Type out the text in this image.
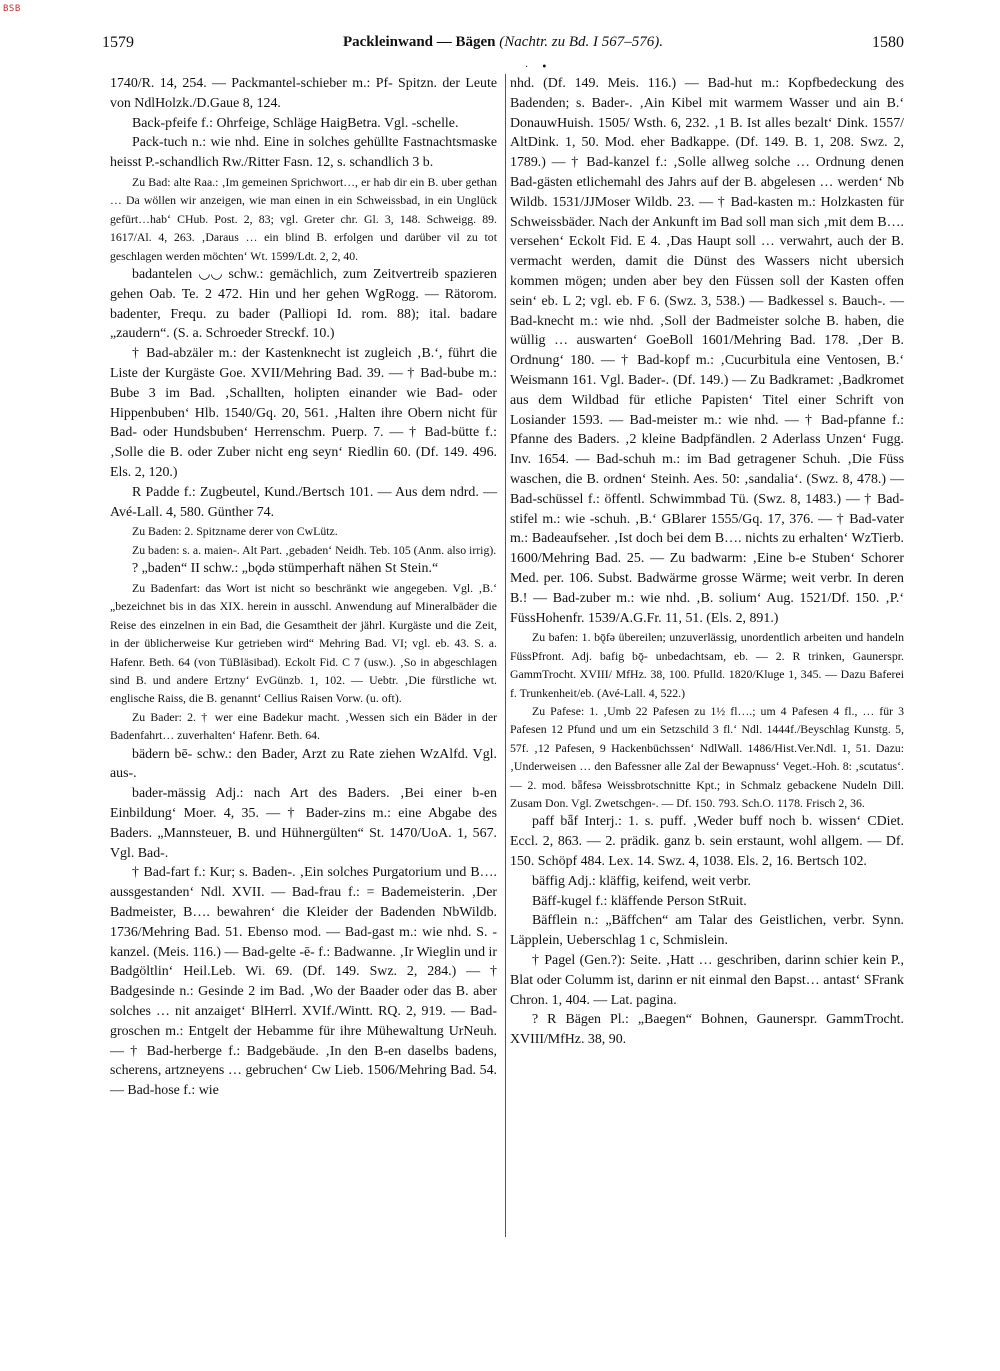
BSB
1579	Packleinwand — Bägen (Nachtr. zu Bd. I 567–576).	1580
· •

1740/R. 14, 254. — Packmantel-schieber m.: Pf- Spitzn. der Leute von NdlHolzk./D.Gaue 8, 124.

Back-pfeife f.: Ohrfeige, Schläge HaigBetra. Vgl. -schelle.

Pack-tuch n.: wie nhd. Eine in solches gehüllte Fastnachtsmaske heisst P.-schandlich Rw./Ritter Fasn. 12, s. schandlich 3 b.

Zu Bad: alte Raa.: ‚Im gemeinen Sprichwort…, er hab dir ein B. uber gethan … Da wöllen wir anzeigen, wie man einen in ein Schweissbad, in ein Unglück gefürt…hab‘ CHub. Post. 2, 83; vgl. Greter chr. Gl. 3, 148. Schweigg. 89. 1617/Al. 4, 263. ‚Daraus … ein blind B. erfolgen und darüber vil zu tot geschlagen werden möchten‘ Wt. 1599/Ldt. 2, 2, 40.

badantelen ◡◡ schw.: gemächlich, zum Zeitvertreib spazieren gehen Oab. Te. 2 472. Hin und her gehen WgRogg. — Rätorom. badenter, Frequ. zu bader (Palliopi Id. rom. 88); ital. badare „zaudern“. (S. a. Schroeder Streckf. 10.)

† Bad-abzäler m.: der Kastenknecht ist zugleich ‚B.‘, führt die Liste der Kurgäste Goe. XVII/Mehring Bad. 39. — † Bad-bube m.: Bube 3 im Bad. ‚Schallten, holipten einander wie Bad- oder Hippenbuben‘ Hlb. 1540/Gq. 20, 561. ‚Halten ihre Obern nicht für Bad- oder Hundsbuben‘ Herrenschm. Puerp. 7. — † Bad-bütte f.: ‚Solle die B. oder Zuber nicht eng seyn‘ Riedlin 60. (Df. 149. 496. Els. 2, 120.)

R Padde f.: Zugbeutel, Kund./Bertsch 101. — Aus dem ndrd. — Avé-Lall. 4, 580. Günther 74.

Zu Baden: 2. Spitzname derer von CwLütz.

Zu baden: s. a. maien-. Alt Part. ‚gebaden‘ Neidh. Teb. 105 (Anm. also irrig).

? „baden“ II schw.: „bǫdə stümperhaft nähen St Stein.“

Zu Badenfart: das Wort ist nicht so beschränkt wie angegeben. Vgl. ‚B.‘ „bezeichnet bis in das XIX. herein in ausschl. Anwendung auf Mineralbäder die Reise des einzelnen in ein Bad, die Gesamtheit der jährl. Kurgäste und die Zeit, in der üblicherweise Kur getrieben wird“ Mehring Bad. VI; vgl. eb. 43. S. a. Hafenr. Beth. 64 (von TüBläsibad). Eckolt Fid. C 7 (usw.). ‚So in abgeschlagen sind B. und andere Ertzny‘ EvGünzb. 1, 102. — Uebtr. ‚Die fürstliche wt. englische Raiss, die B. genannt‘ Cellius Raisen Vorw. (u. oft).

Zu Bader: 2. † wer eine Badekur macht. ‚Wessen sich ein Bäder in der Badenfahrt… zuverhalten‘ Hafenr. Beth. 64.

bädern bē- schw.: den Bader, Arzt zu Rate ziehen WzAlfd. Vgl. aus-.

bader-mässig Adj.: nach Art des Baders. ‚Bei einer b-en Einbildung‘ Moer. 4, 35. — † Bader-zins m.: eine Abgabe des Baders. „Mannsteuer, B. und Hühnergülten“ St. 1470/UoA. 1, 567. Vgl. Bad-.

† Bad-fart f.: Kur; s. Baden-. ‚Ein solches Purgatorium und B…. aussgestanden‘ Ndl. XVII. — Bad-frau f.: = Bademeisterin. ‚Der Badmeister, B…. bewahren‘ die Kleider der Badenden NbWildb. 1736/Mehring Bad. 51. Ebenso mod. — Bad-gast m.: wie nhd. S. -kanzel. (Meis. 116.) — Bad-gelte -ē- f.: Badwanne. ‚Ir Wieglin und ir Badgöltlin‘ Heil.Leb. Wi. 69. (Df. 149. Swz. 2, 284.) — † Badgesinde n.: Gesinde 2 im Bad. ‚Wo der Baader oder das B. aber solches … nit anzaiget‘ BlHerrl. XVIf./Wintt. RQ. 2, 919. — Bad-groschen m.: Entgelt der Hebamme für ihre Mühewaltung UrNeuh. — † Bad-herberge f.: Badgebäude. ‚In den B-en daselbs badens, scherens, artzneyens … gebruchen‘ Cw Lieb. 1506/Mehring Bad. 54. — Bad-hose f.: wie

nhd. (Df. 149. Meis. 116.) — Bad-hut m.: Kopfbedeckung des Badenden; s. Bader-. ‚Ain Kibel mit warmem Wasser und ain B.‘ DonauwHuish. 1505/ Wsth. 6, 232. ‚1 B. Ist alles bezalt‘ Dink. 1557/ AltDink. 1, 50. Mod. eher Badkappe. (Df. 149. B. 1, 208. Swz. 2, 1789.) — † Bad-kanzel f.: ‚Solle allweg solche … Ordnung denen Bad-gästen etlichemahl des Jahrs auf der B. abgelesen … werden‘ Nb Wildb. 1531/JJMoser Wildb. 23. — † Bad-kasten m.: Holzkasten für Schweissbäder. Nach der Ankunft im Bad soll man sich ‚mit dem B…. versehen‘ Eckolt Fid. E 4. ‚Das Haupt soll … verwahrt, auch der B. vermacht werden, damit die Dünst des Wassers nicht ubersich kommen mögen; unden aber bey den Füssen soll der Kasten offen sein‘ eb. L 2; vgl. eb. F 6. (Swz. 3, 538.) — Badkessel s. Bauch-. — Bad-knecht m.: wie nhd. ‚Soll der Badmeister solche B. haben, die wüllig … auswarten‘ GoeBoll 1601/Mehring Bad. 178. ‚Der B. Ordnung‘ 180. — † Bad-kopf m.: ‚Cucurbitula eine Ventosen, B.‘ Weismann 161. Vgl. Bader-. (Df. 149.) — Zu Badkramet: ‚Badkromet aus dem Wildbad für etliche Papisten‘ Titel einer Schrift von Losiander 1593. — Bad-meister m.: wie nhd. — † Bad-pfanne f.: Pfanne des Baders. ‚2 kleine Badpfändlen. 2 Aderlass Unzen‘ Fugg. Inv. 1654. — Bad-schuh m.: im Bad getragener Schuh. ‚Die Füss waschen, die B. ordnen‘ Steinh. Aes. 50: ‚sandalia‘. (Swz. 8, 478.) — Bad-schüssel f.: öffentl. Schwimmbad Tü. (Swz. 8, 1483.) — † Bad-stifel m.: wie -schuh. ‚B.‘ GBlarer 1555/Gq. 17, 376. — † Bad-vater m.: Badeaufseher. ‚Ist doch bei dem B…. nichts zu erhalten‘ WzTierb. 1600/Mehring Bad. 25. — Zu badwarm: ‚Eine b-e Stuben‘ Schorer Med. per. 106. Subst. Badwärme grosse Wärme; weit verbr. In deren B.! — Bad-zuber m.: wie nhd. ‚B. solium‘ Aug. 1521/Df. 150. ‚P.‘ FüssHohenfr. 1539/A.G.Fr. 11, 51. (Els. 2, 891.)

Zu bafen: 1. bǭfə übereilen; unzuverlässig, unordentlich arbeiten und handeln FüssPfront. Adj. bafig bǭ- unbedachtsam, eb. — 2. R trinken, Gaunerspr. GammTrocht. XVIII/ MfHz. 38, 100. Pfulld. 1820/Kluge 1, 345. — Dazu Baferei f. Trunkenheit/eb. (Avé-Lall. 4, 522.)

Zu Pafese: 1. ‚Umb 22 Pafesen zu 1½ fl….; um 4 Pafesen 4 fl., … für 3 Pafesen 12 Pfund und um ein Setzschild 3 fl.‘ Ndl. 1444f./Beyschlag Kunstg. 5, 57f. ‚12 Pafesen, 9 Hackenbüchssen‘ NdlWall. 1486/Hist.Ver.Ndl. 1, 51. Dazu: ‚Underweisen … den Bafessner alle Zal der Bewapnuss‘ Veget.-Hoh. 8: ‚scutatus‘. — 2. mod. bǟfesə Weissbrotschnitte Kpt.; in Schmalz gebackene Nudeln Dill. Zusam Don. Vgl. Zwetschgen-. — Df. 150. 793. Sch.O. 1178. Frisch 2, 36.

paff bǟf Interj.: 1. s. puff. ‚Weder buff noch b. wissen‘ CDiet. Eccl. 2, 863. — 2. prädik. ganz b. sein erstaunt, wohl allgem. — Df. 150. Schöpf 484. Lex. 14. Swz. 4, 1038. Els. 2, 16. Bertsch 102.

bäffig Adj.: kläffig, keifend, weit verbr.

Bäff-kugel f.: kläffende Person StRuit.

Bäfflein n.: „Bäffchen“ am Talar des Geistlichen, verbr. Synn. Läpplein, Ueberschlag 1 c, Schmislein.

† Pagel (Gen.?): Seite. ‚Hatt … geschriben, darinn schier kein P., Blat oder Columm ist, darinn er nit einmal den Bapst… antast‘ SFrank Chron. 1, 404. — Lat. pagina.

? R Bägen Pl.: „Baegen“ Bohnen, Gaunerspr. GammTrocht. XVIII/MfHz. 38, 90.
